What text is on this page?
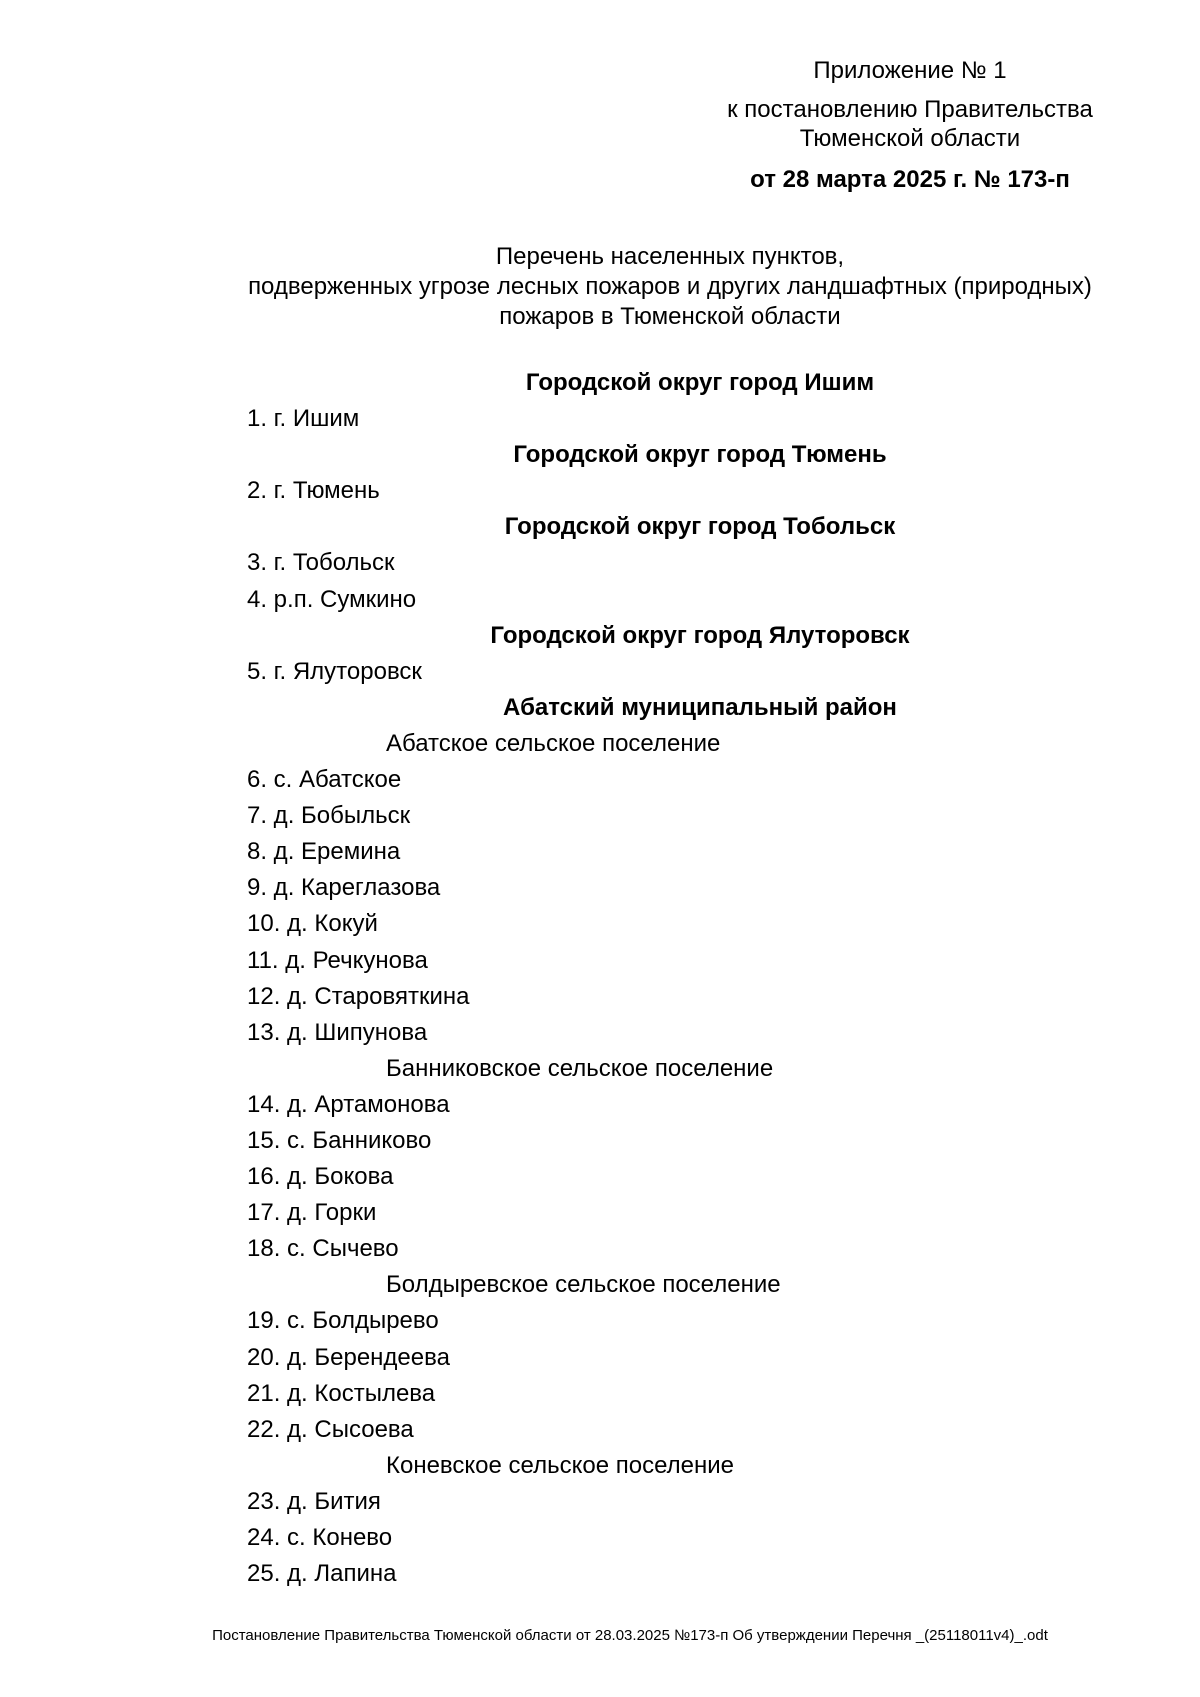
Приложение № 1
к постановлению Правительства
Тюменской области
от 28 марта 2025 г. № 173-п
Перечень населенных пунктов,
подверженных угрозе лесных пожаров и других ландшафтных (природных)
пожаров в Тюменской области
Городской округ город Ишим
1. г. Ишим
Городской округ город Тюмень
2. г. Тюмень
Городской округ город Тобольск
3. г. Тобольск
4. р.п. Сумкино
Городской округ город Ялуторовск
5. г. Ялуторовск
Абатский муниципальный район
Абатское сельское поселение
6. с. Абатское
7. д. Бобыльск
8. д. Еремина
9. д. Кареглазова
10. д. Кокуй
11. д. Речкунова
12. д. Старовяткина
13. д. Шипунова
Банниковское сельское поселение
14. д. Артамонова
15. с. Банниково
16. д. Бокова
17. д. Горки
18. с. Сычево
Болдыревское сельское поселение
19. с. Болдырево
20. д. Берендеева
21. д. Костылева
22. д. Сысоева
Коневское сельское поселение
23. д. Бития
24. с. Конево
25. д. Лапина
Постановление Правительства Тюменской области от 28.03.2025 №173-п Об утверждении Перечня _(25118011v4)_.odt
